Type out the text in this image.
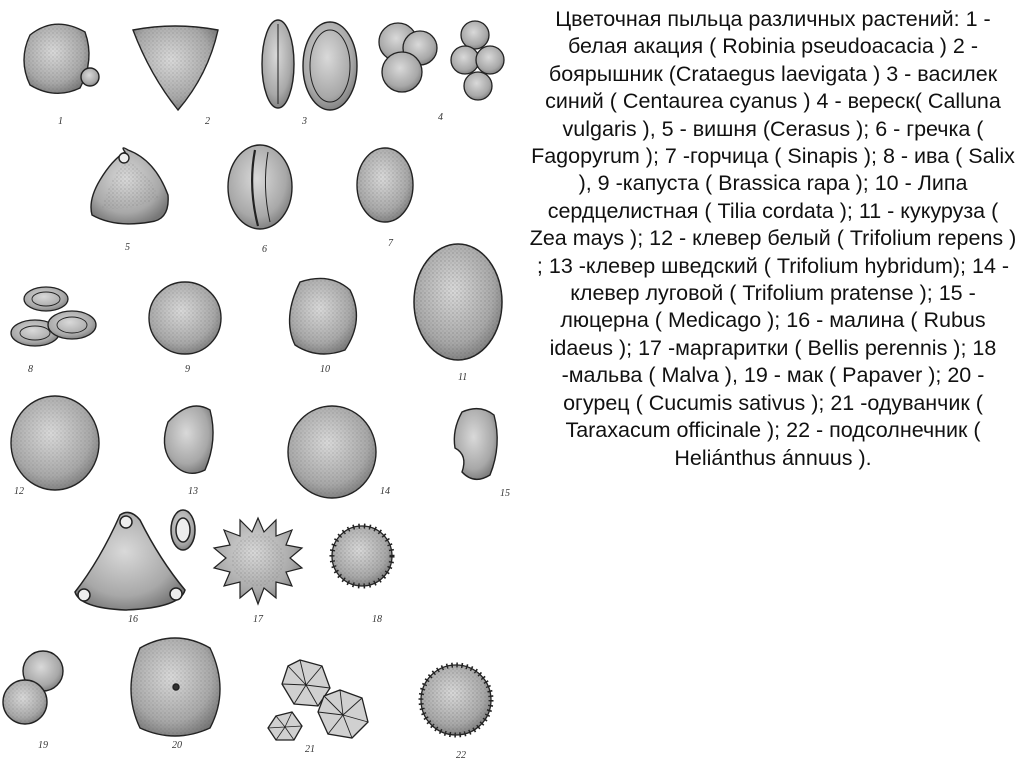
1	2	3	4
5	6
7
8	9	10
11
12	13	14	15
16	17	18
19	20	21
22
Цветочная пыльца различных растений: 1 - белая акация ( Robinia pseudoacacia ) 2 - боярышник (Crataegus laevigata ) 3 - василек синий ( Centaurea cyanus ) 4 - вереск( Calluna vulgaris ), 5 - вишня (Cerasus ); 6 - гречка ( Fagopyrum ); 7 -горчица ( Sinapis ); 8 - ива ( Salix ), 9 -капуста ( Brassica rapa ); 10 - Липа сердцелистная ( Tilia cordata ); 11 - кукуруза ( Zea mays ); 12 - клевер белый ( Trifolium repens ) ; 13 -клевер шведский ( Trifolium hybridum); 14 - клевер луговой ( Trifolium pratense ); 15 - люцерна ( Medicago ); 16 - малина ( Rubus idaeus ); 17 -маргаритки ( Bellis perennis ); 18 -мальва ( Malva ), 19 - мак ( Papaver ); 20 - огурец ( Cucumis sativus ); 21 -одуванчик ( Taraxacum officinale ); 22 - подсолнечник ( Heliánthus ánnuus ).
